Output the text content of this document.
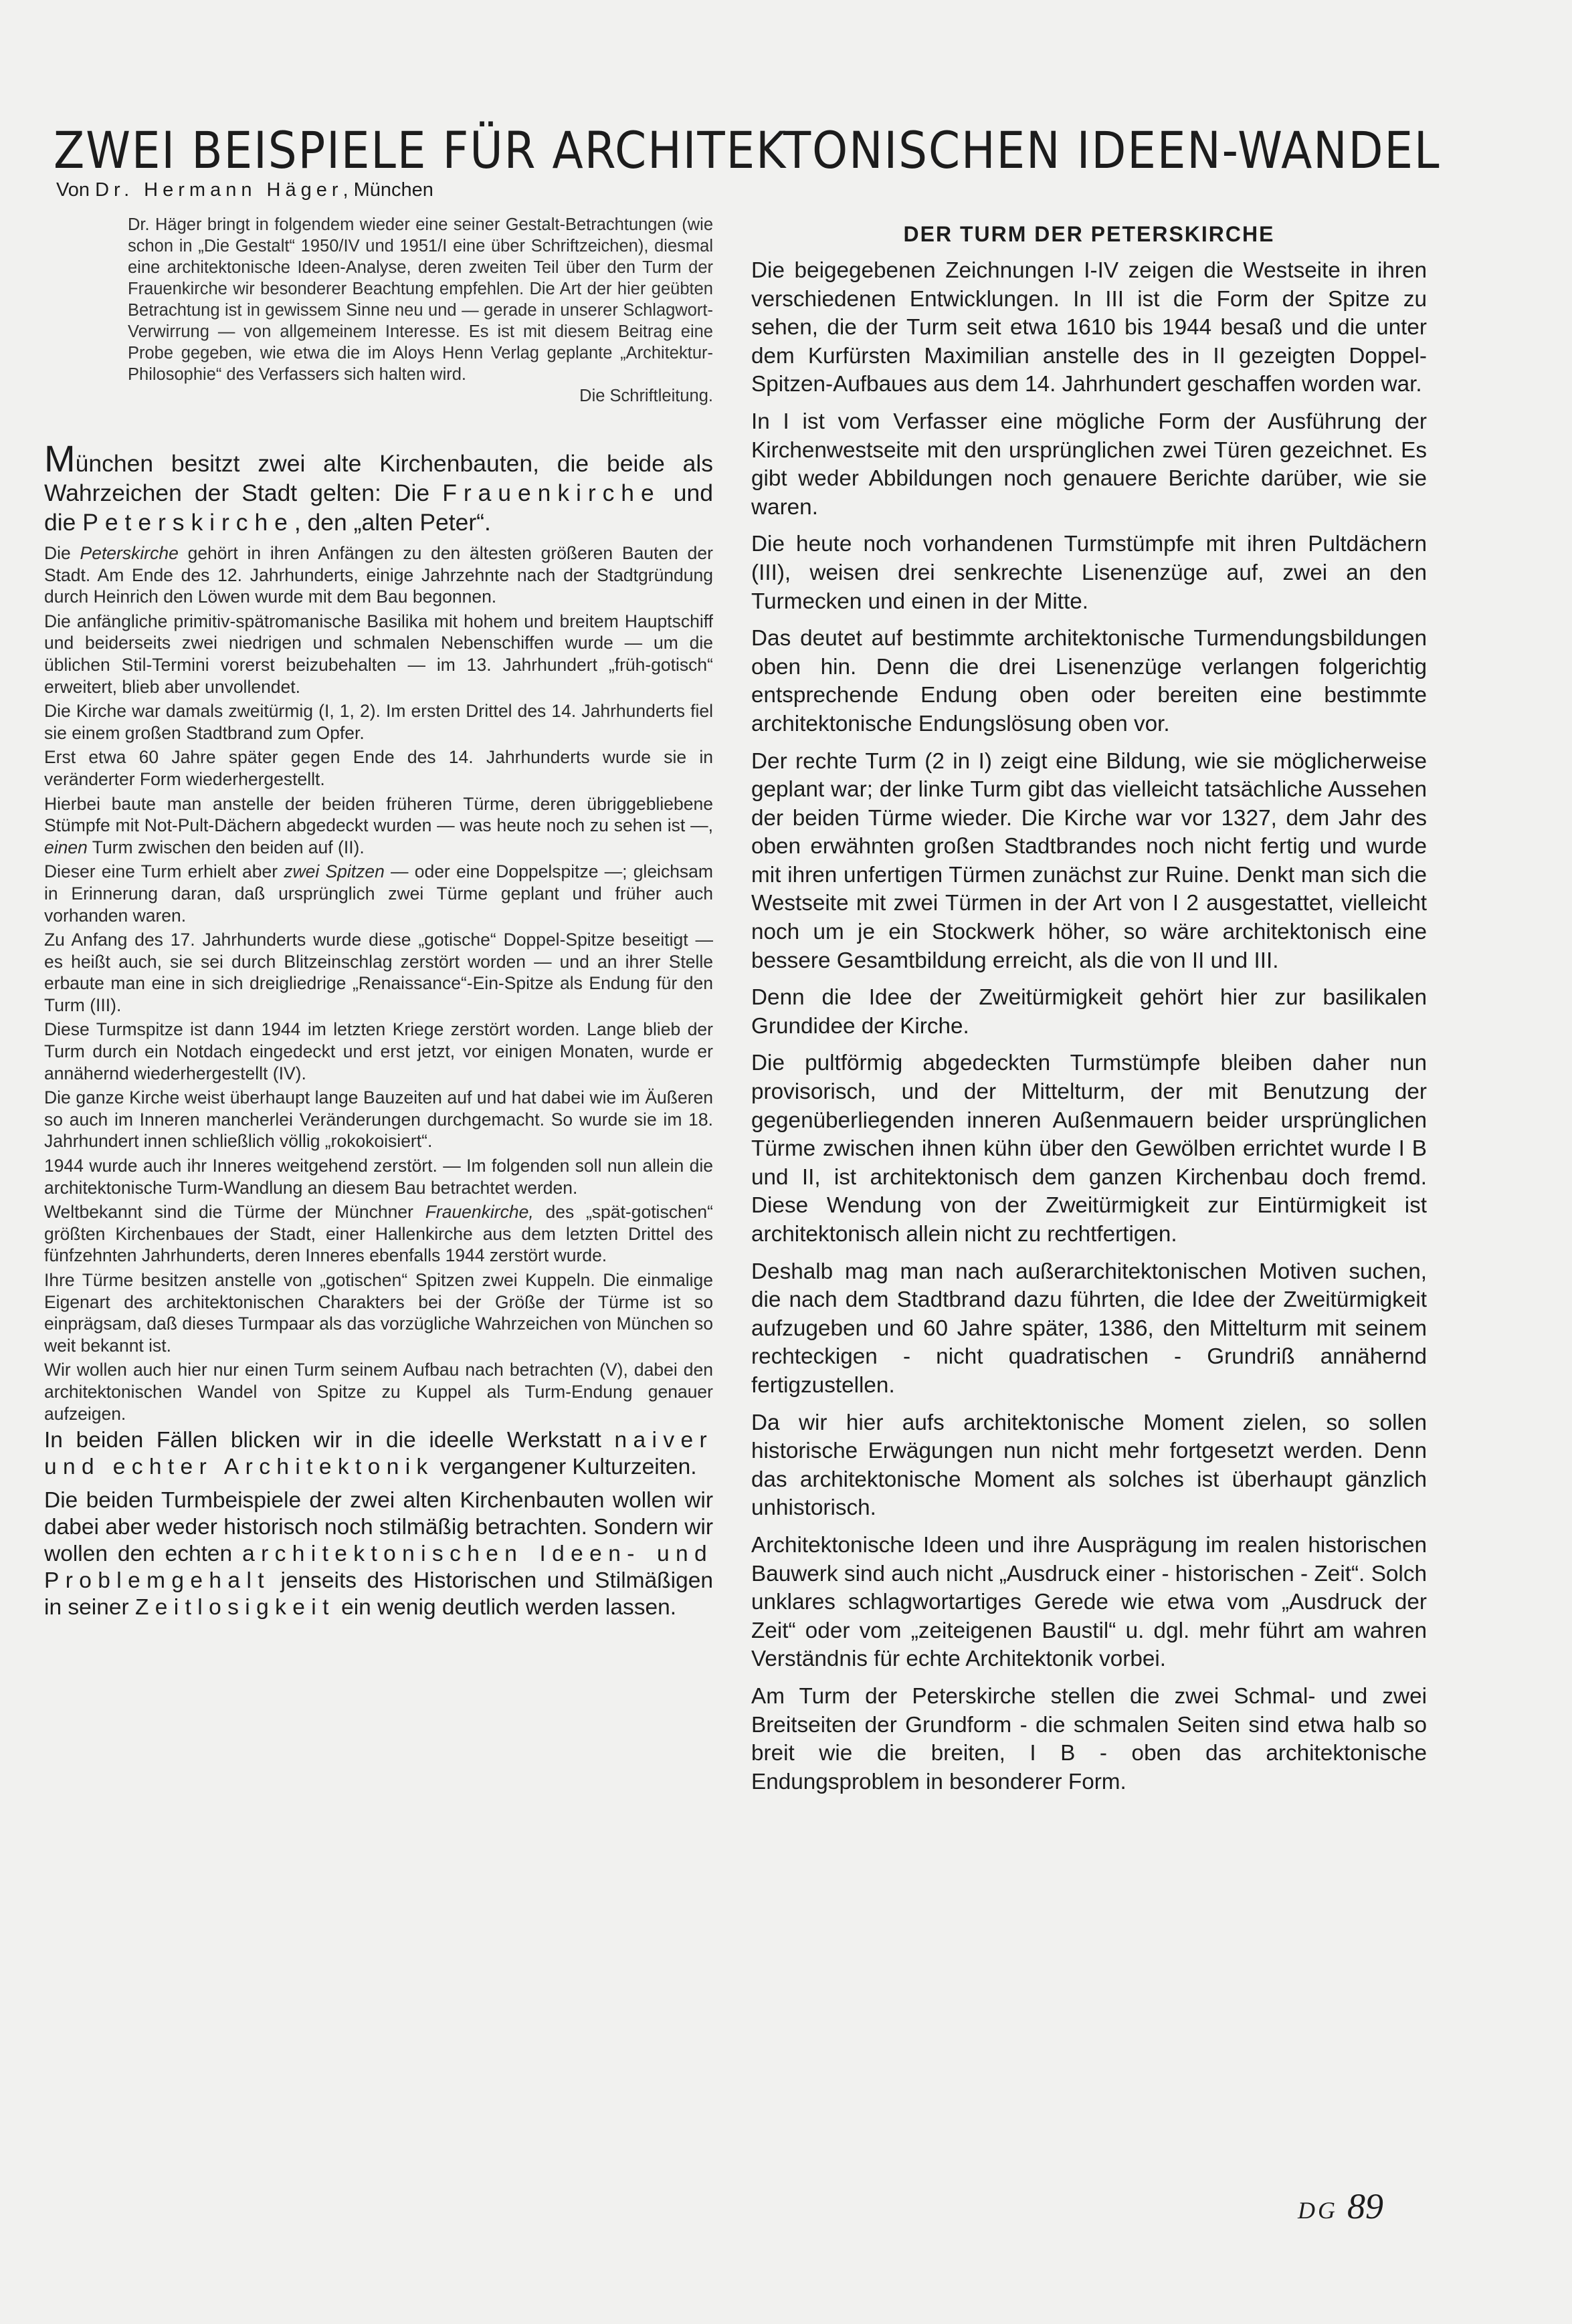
ZWEI BEISPIELE FÜR ARCHITEKTONISCHEN IDEEN-WANDEL
Von Dr. Hermann Häger, München

Dr. Häger bringt in folgendem wieder eine seiner Gestalt-Betrachtungen (wie schon in „Die Gestalt“ 1950/IV und 1951/I eine über Schriftzeichen), diesmal eine architektonische Ideen-Analyse, deren zweiten Teil über den Turm der Frauenkirche wir besonderer Beachtung empfehlen. Die Art der hier geübten Betrachtung ist in gewissem Sinne neu und — gerade in unserer Schlagwort-Verwirrung — von allgemeinem Interesse. Es ist mit diesem Beitrag eine Probe gegeben, wie etwa die im Aloys Henn Verlag geplante „Architektur-Philosophie“ des Verfassers sich halten wird.
Die Schriftleitung.

München besitzt zwei alte Kirchenbauten, die beide als Wahrzeichen der Stadt gelten: Die Frauenkirche und die Peterskirche, den „alten Peter“.

Die Peterskirche gehört in ihren Anfängen zu den ältesten größeren Bauten der Stadt. Am Ende des 12. Jahrhunderts, einige Jahrzehnte nach der Stadtgründung durch Heinrich den Löwen wurde mit dem Bau begonnen.

Die anfängliche primitiv-spätromanische Basilika mit hohem und breitem Hauptschiff und beiderseits zwei niedrigen und schmalen Nebenschiffen wurde — um die üblichen Stil-Termini vorerst beizubehalten — im 13. Jahrhundert „früh-gotisch“ erweitert, blieb aber unvollendet.

Die Kirche war damals zweitürmig (I, 1, 2). Im ersten Drittel des 14. Jahrhunderts fiel sie einem großen Stadtbrand zum Opfer.

Erst etwa 60 Jahre später gegen Ende des 14. Jahrhunderts wurde sie in veränderter Form wiederhergestellt.

Hierbei baute man anstelle der beiden früheren Türme, deren übriggebliebene Stümpfe mit Not-Pult-Dächern abgedeckt wurden — was heute noch zu sehen ist —, einen Turm zwischen den beiden auf (II).

Dieser eine Turm erhielt aber zwei Spitzen — oder eine Doppelspitze —; gleichsam in Erinnerung daran, daß ursprünglich zwei Türme geplant und früher auch vorhanden waren.

Zu Anfang des 17. Jahrhunderts wurde diese „gotische“ Doppel-Spitze beseitigt — es heißt auch, sie sei durch Blitzeinschlag zerstört worden — und an ihrer Stelle erbaute man eine in sich dreigliedrige „Renaissance“-Ein-Spitze als Endung für den Turm (III).

Diese Turmspitze ist dann 1944 im letzten Kriege zerstört worden. Lange blieb der Turm durch ein Notdach eingedeckt und erst jetzt, vor einigen Monaten, wurde er annähernd wiederhergestellt (IV).

Die ganze Kirche weist überhaupt lange Bauzeiten auf und hat dabei wie im Äußeren so auch im Inneren mancherlei Veränderungen durchgemacht. So wurde sie im 18. Jahrhundert innen schließlich völlig „rokokoisiert“.

1944 wurde auch ihr Inneres weitgehend zerstört. — Im folgenden soll nun allein die architektonische Turm-Wandlung an diesem Bau betrachtet werden.

Weltbekannt sind die Türme der Münchner Frauenkirche, des „spät-gotischen“ größten Kirchenbaues der Stadt, einer Hallenkirche aus dem letzten Drittel des fünfzehnten Jahrhunderts, deren Inneres ebenfalls 1944 zerstört wurde.

Ihre Türme besitzen anstelle von „gotischen“ Spitzen zwei Kuppeln. Die einmalige Eigenart des architektonischen Charakters bei der Größe der Türme ist so einprägsam, daß dieses Turmpaar als das vorzügliche Wahrzeichen von München so weit bekannt ist.

Wir wollen auch hier nur einen Turm seinem Aufbau nach betrachten (V), dabei den architektonischen Wandel von Spitze zu Kuppel als Turm-Endung genauer aufzeigen.

In beiden Fällen blicken wir in die ideelle Werkstatt naiver und echter Architektonik vergangener Kulturzeiten.

Die beiden Turmbeispiele der zwei alten Kirchenbauten wollen wir dabei aber weder historisch noch stilmäßig betrachten. Sondern wir wollen den echten architektonischen Ideen- und Problemgehalt jenseits des Historischen und Stilmäßigen in seiner Zeitlosigkeit ein wenig deutlich werden lassen.

DER TURM DER PETERSKIRCHE

Die beigegebenen Zeichnungen I-IV zeigen die Westseite in ihren verschiedenen Entwicklungen. In III ist die Form der Spitze zu sehen, die der Turm seit etwa 1610 bis 1944 besaß und die unter dem Kurfürsten Maximilian anstelle des in II gezeigten Doppel-Spitzen-Aufbaues aus dem 14. Jahrhundert geschaffen worden war.

In I ist vom Verfasser eine mögliche Form der Ausführung der Kirchenwestseite mit den ursprünglichen zwei Türen gezeichnet. Es gibt weder Abbildungen noch genauere Berichte darüber, wie sie waren.

Die heute noch vorhandenen Turmstümpfe mit ihren Pultdächern (III), weisen drei senkrechte Lisenenzüge auf, zwei an den Turmecken und einen in der Mitte.

Das deutet auf bestimmte architektonische Turmendungsbildungen oben hin. Denn die drei Lisenenzüge verlangen folgerichtig entsprechende Endung oben oder bereiten eine bestimmte architektonische Endungslösung oben vor.

Der rechte Turm (2 in I) zeigt eine Bildung, wie sie möglicherweise geplant war; der linke Turm gibt das vielleicht tatsächliche Aussehen der beiden Türme wieder. Die Kirche war vor 1327, dem Jahr des oben erwähnten großen Stadtbrandes noch nicht fertig und wurde mit ihren unfertigen Türmen zunächst zur Ruine. Denkt man sich die Westseite mit zwei Türmen in der Art von I 2 ausgestattet, vielleicht noch um je ein Stockwerk höher, so wäre architektonisch eine bessere Gesamtbildung erreicht, als die von II und III.

Denn die Idee der Zweitürmigkeit gehört hier zur basilikalen Grundidee der Kirche.

Die pultförmig abgedeckten Turmstümpfe bleiben daher nun provisorisch, und der Mittelturm, der mit Benutzung der gegenüberliegenden inneren Außenmauern beider ursprünglichen Türme zwischen ihnen kühn über den Gewölben errichtet wurde I B und II, ist architektonisch dem ganzen Kirchenbau doch fremd. Diese Wendung von der Zweitürmigkeit zur Eintürmigkeit ist architektonisch allein nicht zu rechtfertigen.

Deshalb mag man nach außerarchitektonischen Motiven suchen, die nach dem Stadtbrand dazu führten, die Idee der Zweitürmigkeit aufzugeben und 60 Jahre später, 1386, den Mittelturm mit seinem rechteckigen - nicht quadratischen - Grundriß annähernd fertigzustellen.

Da wir hier aufs architektonische Moment zielen, so sollen historische Erwägungen nun nicht mehr fortgesetzt werden. Denn das architektonische Moment als solches ist überhaupt gänzlich unhistorisch.

Architektonische Ideen und ihre Ausprägung im realen historischen Bauwerk sind auch nicht „Ausdruck einer - historischen - Zeit“. Solch unklares schlagwortartiges Gerede wie etwa vom „Ausdruck der Zeit“ oder vom „zeiteigenen Baustil“ u. dgl. mehr führt am wahren Verständnis für echte Architektonik vorbei.

Am Turm der Peterskirche stellen die zwei Schmal- und zwei Breitseiten der Grundform - die schmalen Seiten sind etwa halb so breit wie die breiten, I B - oben das architektonische Endungsproblem in besonderer Form.

DG 89
